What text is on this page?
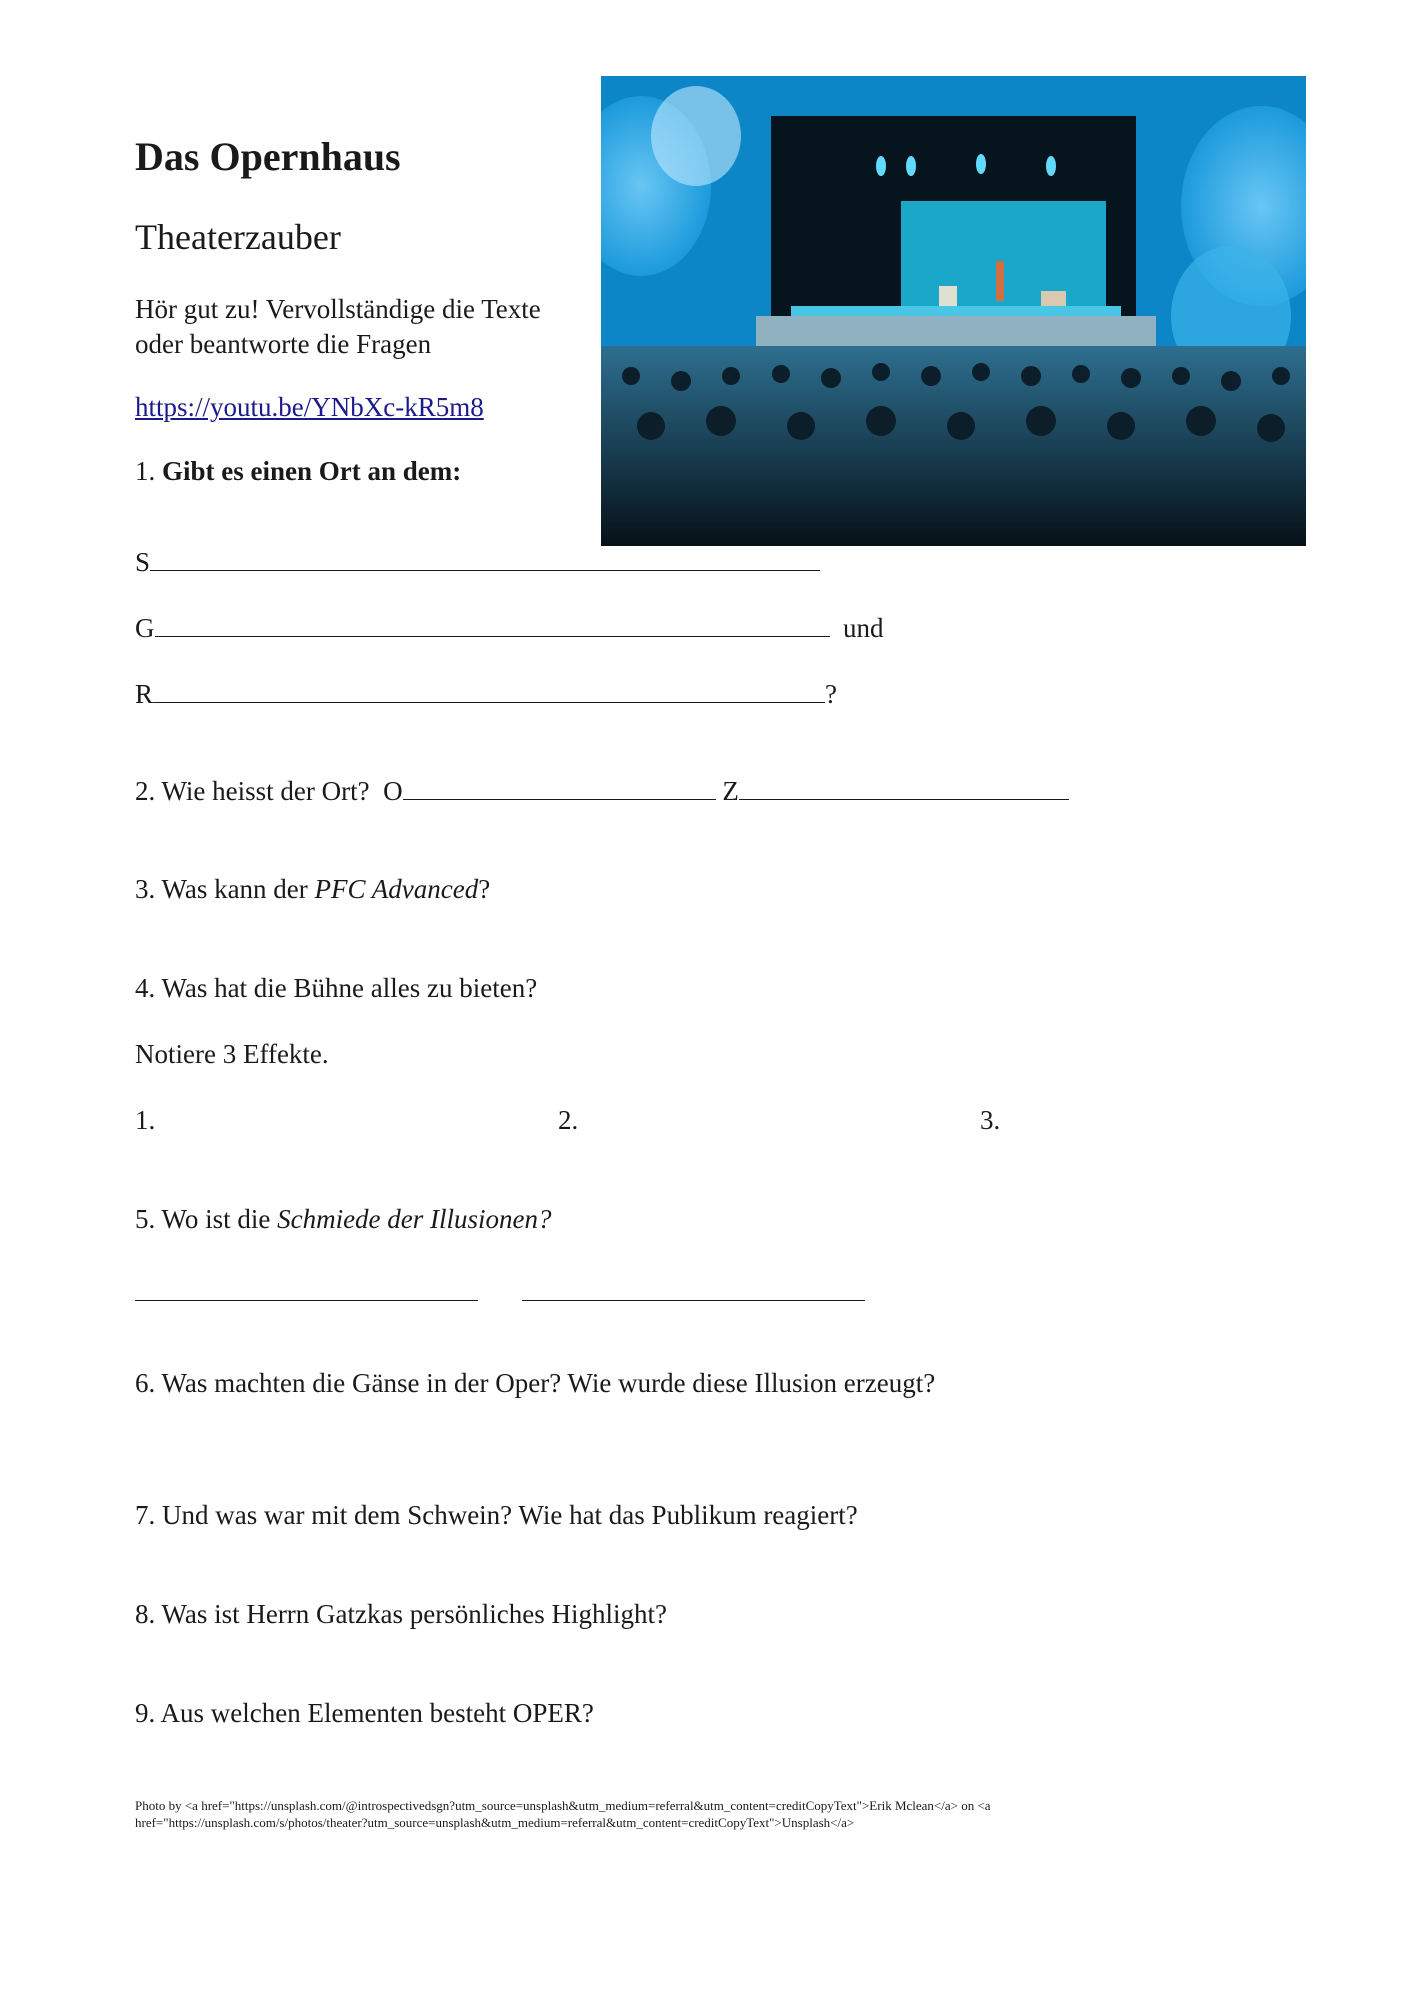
Das Opernhaus
Theaterzauber
Hör gut zu! Vervollständige die Texte
oder beantworte die Fragen
https://youtu.be/YNbXc-kR5m8
1. Gibt es einen Ort an dem:
S
G	und
R	?
2. Wie heisst der Ort? O	Z
3. Was kann der PFC Advanced?
4. Was hat die Bühne alles zu bieten?
Notiere 3 Effekte.
1.	2.	3.
5. Wo ist die Schmiede der Illusionen?
6. Was machten die Gänse in der Oper? Wie wurde diese Illusion erzeugt?
7. Und was war mit dem Schwein? Wie hat das Publikum reagiert?
8. Was ist Herrn Gatzkas persönliches Highlight?
9. Aus welchen Elementen besteht OPER?
Photo by <a href="https://unsplash.com/@introspectivedsgn?utm_source=unsplash&utm_medium=referral&utm_content=creditCopyText">Erik Mclean</a> on <a href="https://unsplash.com/s/photos/theater?utm_source=unsplash&utm_medium=referral&utm_content=creditCopyText">Unsplash</a>
